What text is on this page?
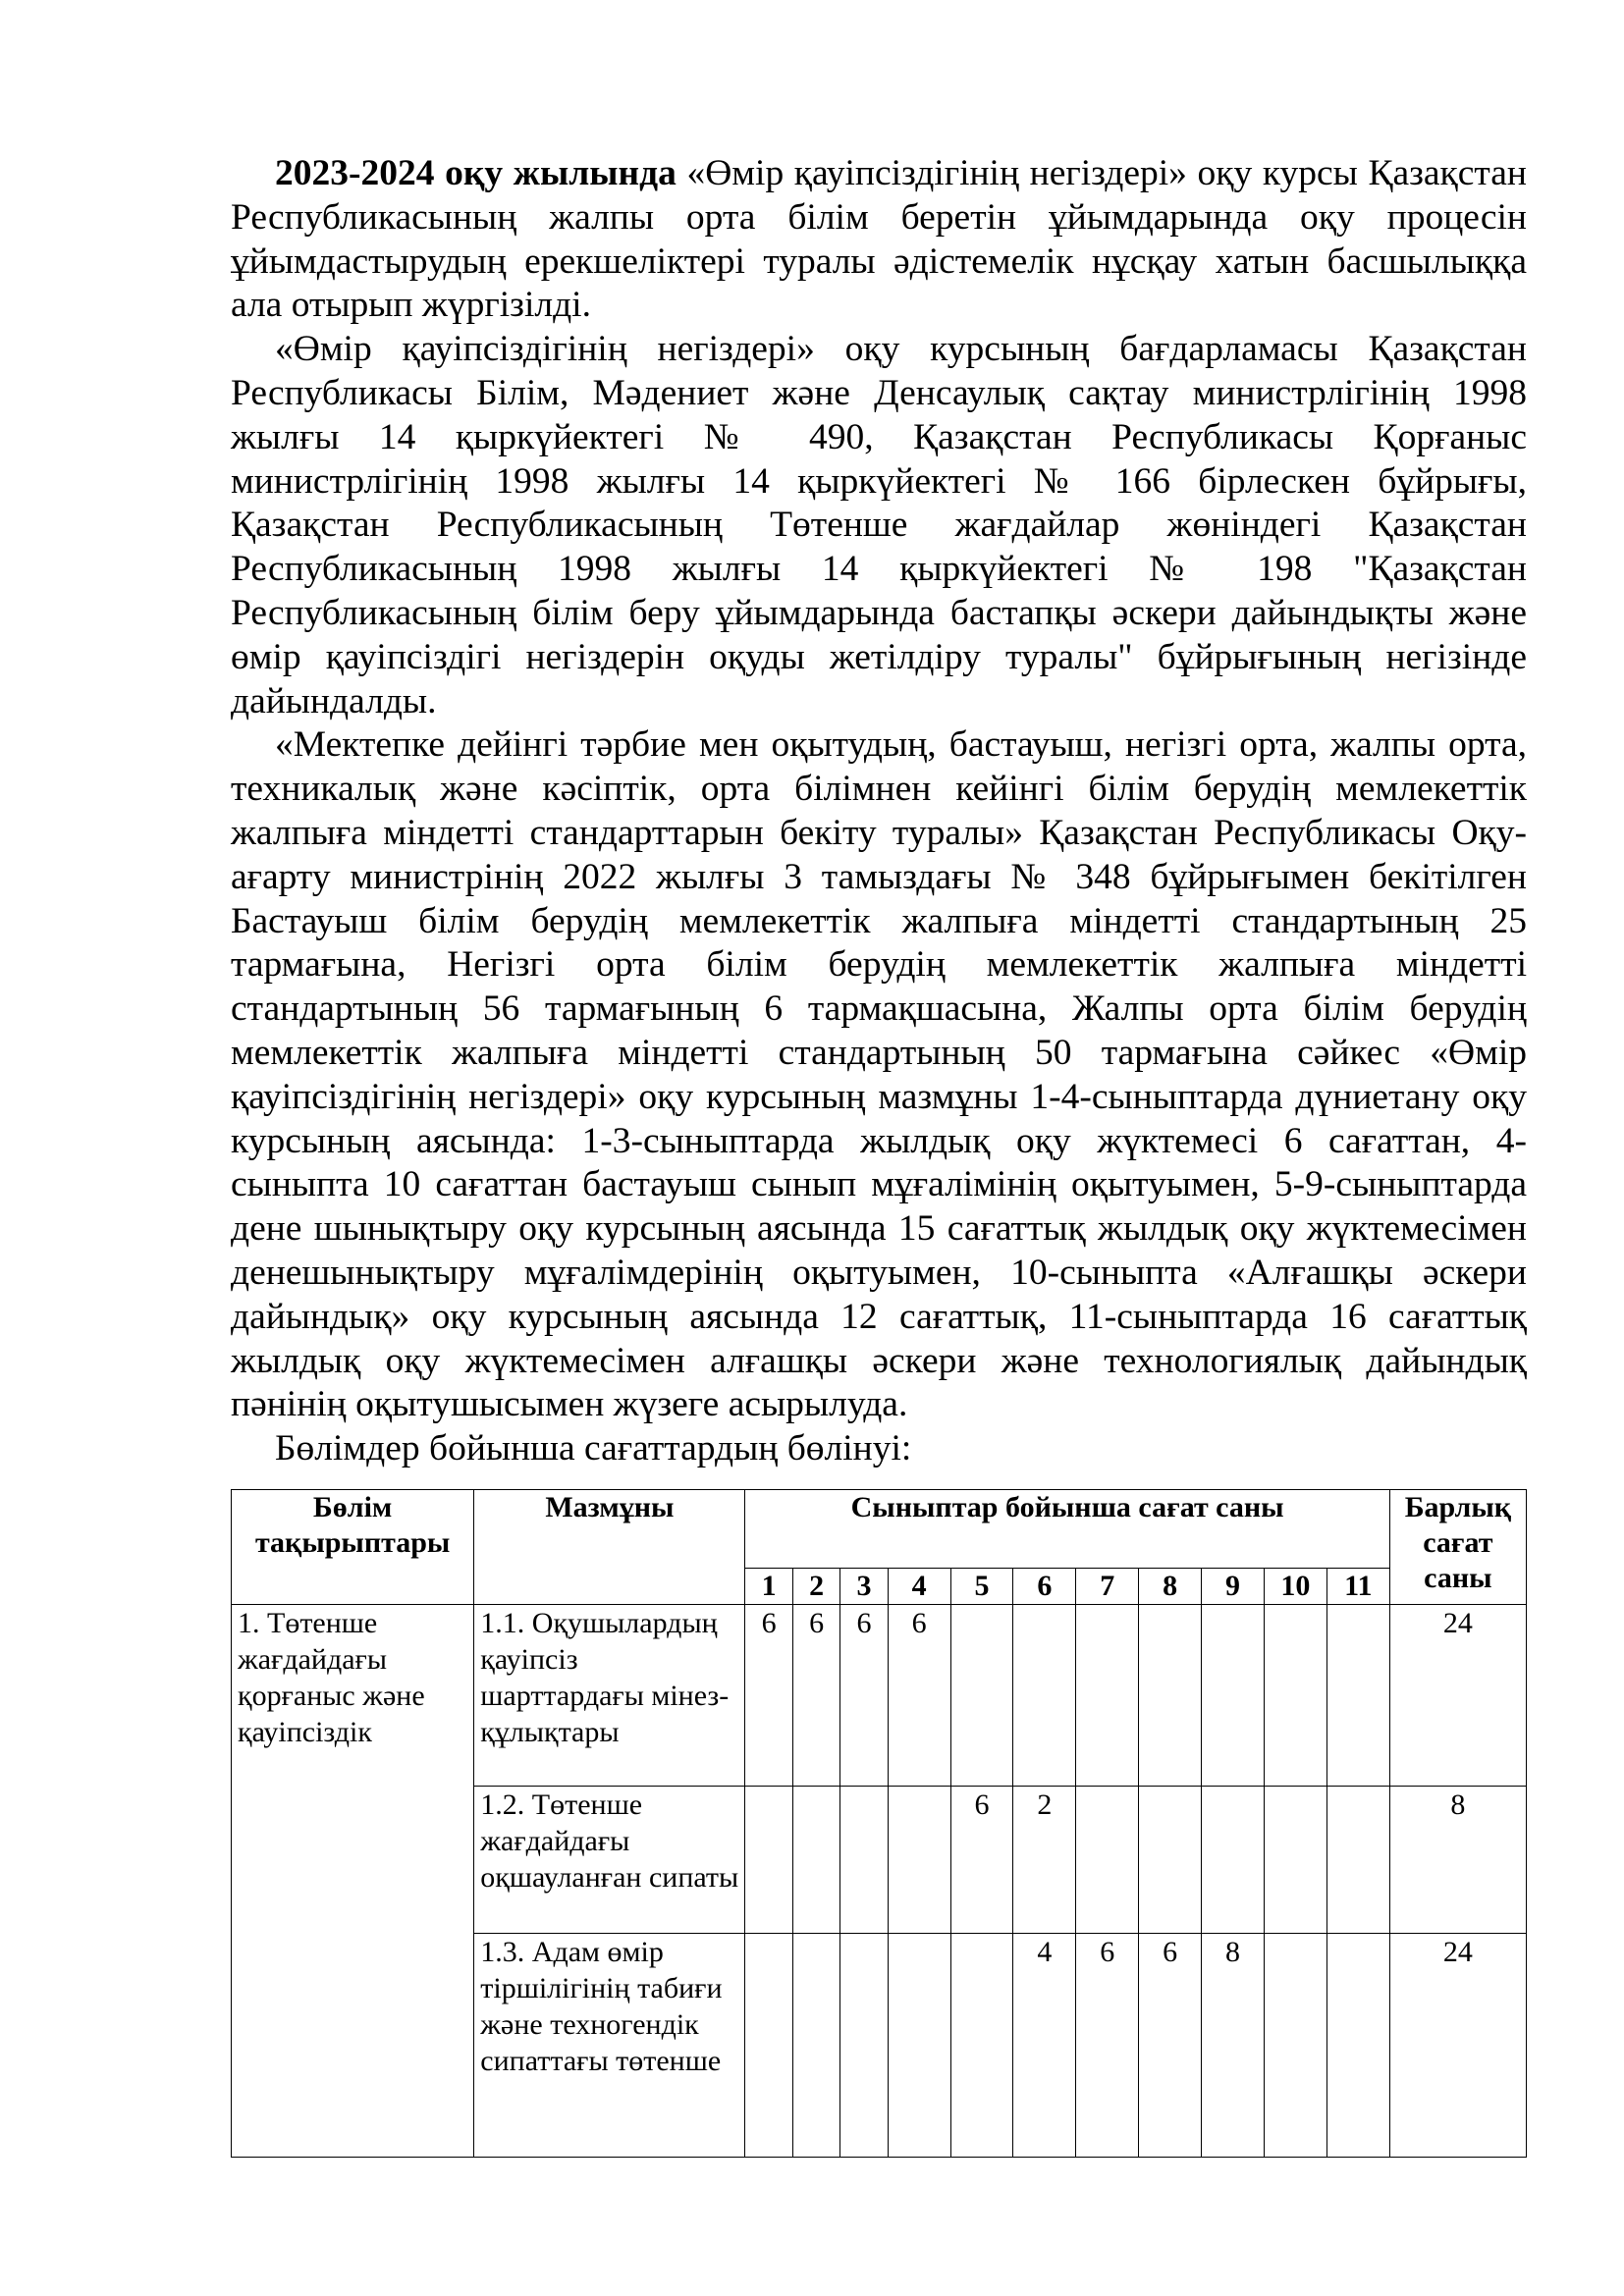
2023-2024 оқу жылында «Өмір қауіпсіздігінің негіздері» оқу курсы Қазақстан Республикасының жалпы орта білім беретін ұйымдарында оқу процесін ұйымдастырудың ерекшеліктері туралы әдістемелік нұсқау хатын басшылыққа ала отырып жүргізілді.

«Өмір қауіпсіздігінің негіздері» оқу курсының бағдарламасы Қазақстан Республикасы Білім, Мәдениет және Денсаулық сақтау министрлігінің 1998 жылғы 14 қыркүйектегі № 490, Қазақстан Республикасы Қорғаныс министрлігінің 1998 жылғы 14 қыркүйектегі № 166 бірлескен бұйрығы, Қазақстан Республикасының Төтенше жағдайлар жөніндегі Қазақстан Республикасының 1998 жылғы 14 қыркүйектегі № 198 "Қазақстан Республикасының білім беру ұйымдарында бастапқы әскери дайындықты және өмір қауіпсіздігі негіздерін оқуды жетілдіру туралы" бұйрығының негізінде дайындалды.

«Мектепке дейінгі тәрбие мен оқытудың, бастауыш, негізгі орта, жалпы орта, техникалық және кәсіптік, орта білімнен кейінгі білім берудің мемлекеттік жалпыға міндетті стандарттарын бекіту туралы» Қазақстан Республикасы Оқу-ағарту министрінің 2022 жылғы 3 тамыздағы № 348 бұйрығымен бекітілген Бастауыш білім берудің мемлекеттік жалпыға міндетті стандартының 25 тармағына, Негізгі орта білім берудің мемлекеттік жалпыға міндетті стандартының 56 тармағының 6 тармақшасына, Жалпы орта білім берудің мемлекеттік жалпыға міндетті стандартының 50 тармағына сәйкес «Өмір қауіпсіздігінің негіздері» оқу курсының мазмұны 1-4-сыныптарда дүниетану оқу курсының аясында: 1-3-сыныптарда жылдық оқу жүктемесі 6 сағаттан, 4-сыныпта 10 сағаттан бастауыш сынып мұғалімінің оқытуымен, 5-9-сыныптарда дене шынықтыру оқу курсының аясында 15 сағаттық жылдық оқу жүктемесімен денешынықтыру мұғалімдерінің оқытуымен, 10-сыныпта «Алғашқы әскери дайындық» оқу курсының аясында 12 сағаттық, 11-сыныптарда 16 сағаттық жылдық оқу жүктемесімен алғашқы әскери және технологиялық дайындық пәнінің оқытушысымен жүзеге асырылуда.

Бөлімдер бойынша сағаттардың бөлінуі:

Бөлім тақырыптары	Мазмұны	Сыныптар бойынша сағат саны											Барлық сағат саны
		1	2	3	4	5	6	7	8	9	10	11	
1. Төтенше жағдайдағы қорғаныс және қауіпсіздік	1.1. Оқушылардың қауіпсіз шарттардағы мінез-құлықтары	6	6	6	6								24
	1.2. Төтенше жағдайдағы оқшауланған сипаты					6	2						8
	1.3. Адам өмір тіршілігінің табиғи және техногендік сипаттағы төтенше						4	6	6	8			24
